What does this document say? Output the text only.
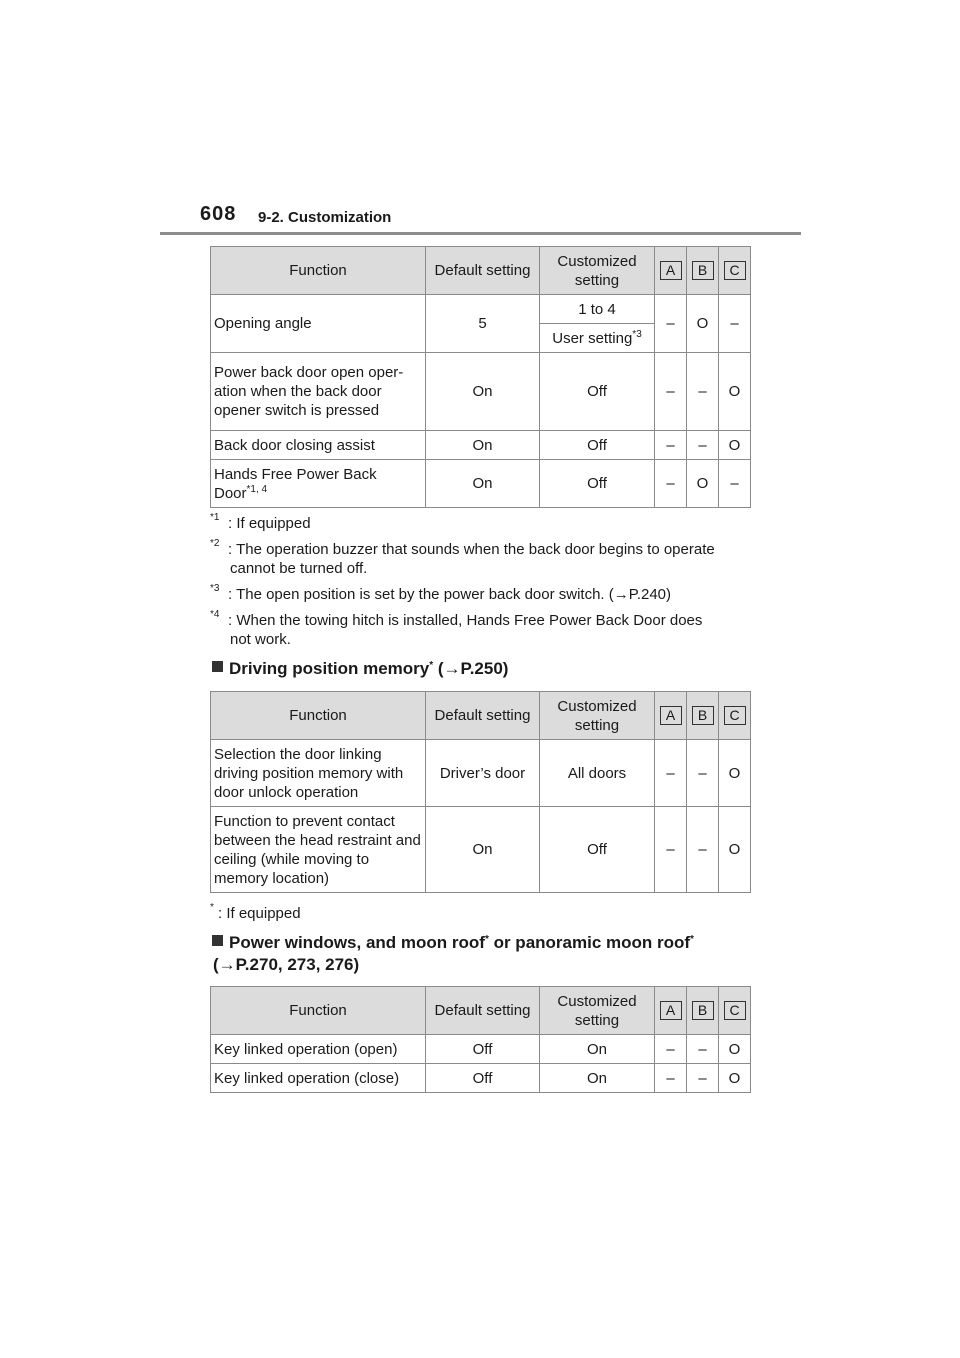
608 9-2. Customization
Function	Default setting	Customized setting	A	B	C
Opening angle	5	1 to 4	–	O	–
		User setting$^{*3}$
Power back door open oper-ation when the back door opener switch is pressed	On	Off	–	–	O
Back door closing assist	On	Off	–	–	O
Hands Free Power Back Door$^{*1, 4}$	On	Off	–	O	–
*1 : If equipped
*2 : The operation buzzer that sounds when the back door begins to operate
cannot be turned off.
*3 : The open position is set by the power back door switch. (→P.240)
*4 : When the towing hitch is installed, Hands Free Power Back Door does
not work.
Driving position memory* (→P.250)
Function	Default setting	Customized setting	A	B	C
Selection the door linking driving position memory with door unlock operation	Driver’s door	All doors	–	–	O
Function to prevent contact between the head restraint and ceiling (while moving to memory location)	On	Off	–	–	O
* : If equipped
Power windows, and moon roof* or panoramic moon roof*
(→P.270, 273, 276)
Function	Default setting	Customized setting	A	B	C
Key linked operation (open)	Off	On	–	–	O
Key linked operation (close)	Off	On	–	–	O
